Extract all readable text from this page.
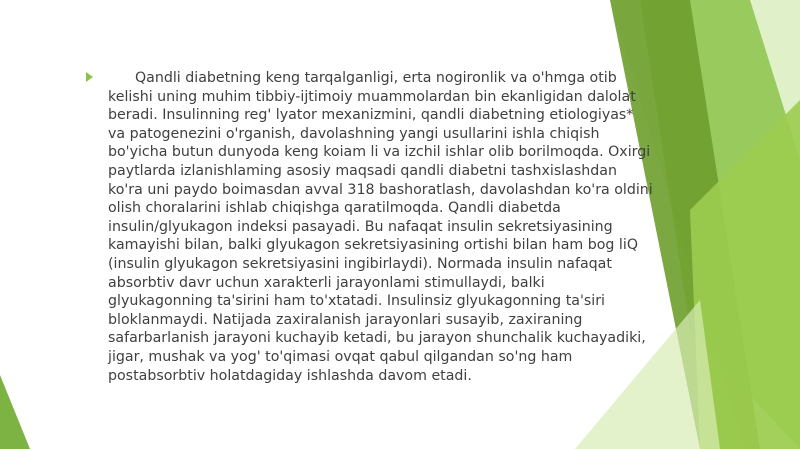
Qandli diabetning keng tarqalganligi, erta nogironlik va o'hmga otib kelishi uning muhim tibbiy-ijtimoiy muammolardan bin ekanligidan dalolat beradi. Insulinning reg' lyator mexanizmini, qandli diabetning etiologiyas* va patogenezini o'rganish, davolashning yangi usullarini ishla chiqish bo'yicha butun dunyoda keng koiam li va izchil ishlar olib borilmoqda. Oxirgi paytlarda izlanishlaming asosiy maqsadi qandli diabetni tashxislashdan ko'ra uni paydo boimasdan avval 318 bashoratlash, davolashdan ko'ra oldini olish choralarini ishlab chiqishga qaratilmoqda. Qandli diabetda insulin/glyukagon indeksi pasayadi. Bu nafaqat insulin sekretsiyasining kamayishi bilan, balki glyukagon sekretsiyasining ortishi bilan ham bog liQ (insulin glyukagon sekretsiyasini ingibirlaydi). Normada insulin nafaqat absorbtiv davr uchun xarakterli jarayonlami stimullaydi, balki glyukagonning ta'sirini ham to'xtatadi. Insulinsiz glyukagonning ta'siri bloklanmaydi. Natijada zaxiralanish jarayonlari susayib, zaxiraning safarbarlanish jarayoni kuchayib ketadi, bu jarayon shunchalik kuchayadiki, jigar, mushak va yog' to'qimasi ovqat qabul qilgandan so'ng ham postabsorbtiv holatdagiday ishlashda davom etadi.
